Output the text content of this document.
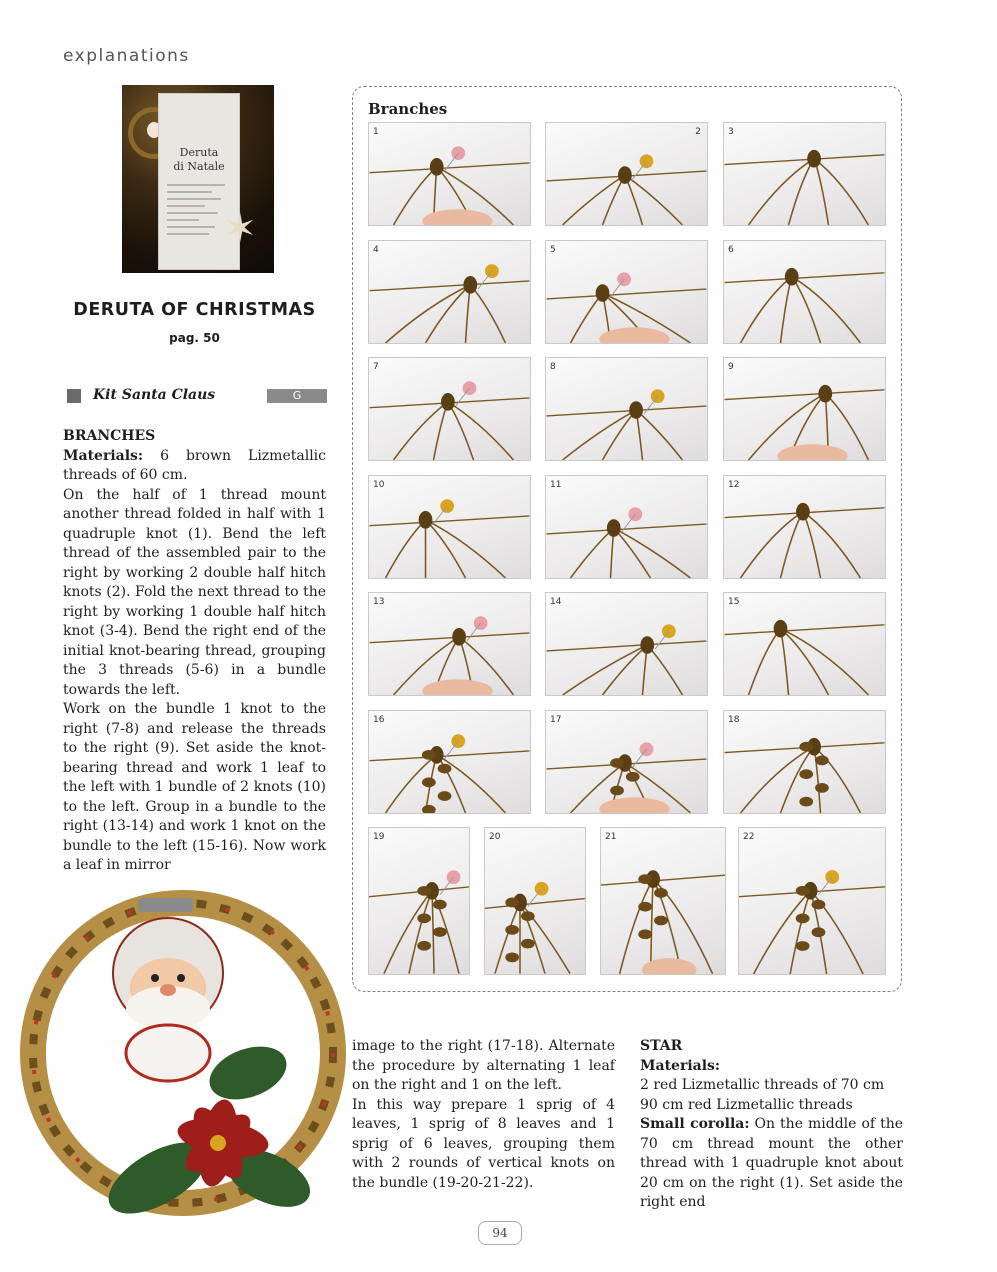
explanations
Deruta
di Natale
✶
DERUTA OF CHRISTMAS
pag. 50
Kit Santa Claus	G

BRANCHES

Materials: 6 brown Lizmetallic threads of 60 cm.

On the half of 1 thread mount another thread folded in half with 1 quadruple knot (1). Bend the left thread of the assembled pair to the right by working 2 double half hitch knots (2). Fold the next thread to the right by working 1 double half hitch knot (3-4). Bend the right end of the initial knot-bearing thread, grouping the 3 threads (5-6) in a bundle towards the left.

Work on the bundle 1 knot to the right (7-8) and release the threads to the right (9). Set aside the knot-bearing thread and work 1 leaf to the left with 1 bundle of 2 knots (10) to the left. Group in a bundle to the right (13-14) and work 1 knot on the bundle to the left (15-16). Now work a leaf in mirror

Branches
1	2	3
4	5	6
7	8	9
10	11	12
13	14	15
16	17	18
19	20	21	22

image to the right (17-18). Alternate the procedure by alternating 1 leaf on the right and 1 on the left.

In this way prepare 1 sprig of 4 leaves, 1 sprig of 8 leaves and 1 sprig of 6 leaves, grouping them with 2 rounds of vertical knots on the bundle (19-20-21-22).

STAR

Materials:

2 red Lizmetallic threads of 70 cm

90 cm red Lizmetallic threads

Small corolla: On the middle of the 70 cm thread mount the other thread with 1 quadruple knot about 20 cm on the right (1). Set aside the right end

94
